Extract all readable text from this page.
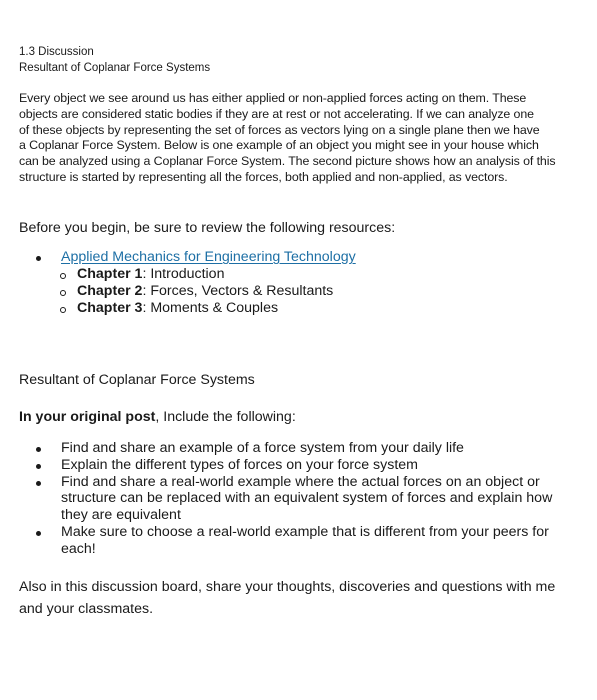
1.3 Discussion
Resultant of Coplanar Force Systems
Every object we see around us has either applied or non-applied forces acting on them. These
objects are considered static bodies if they are at rest or not accelerating. If we can analyze one
of these objects by representing the set of forces as vectors lying on a single plane then we have
a Coplanar Force System. Below is one example of an object you might see in your house which
can be analyzed using a Coplanar Force System. The second picture shows how an analysis of this
structure is started by representing all the forces, both applied and non-applied, as vectors.
Before you begin, be sure to review the following resources:
Applied Mechanics for Engineering Technology
Chapter 1: Introduction
Chapter 2: Forces, Vectors & Resultants
Chapter 3: Moments & Couples
Resultant of Coplanar Force Systems
In your original post, Include the following:
Find and share an example of a force system from your daily life
Explain the different types of forces on your force system
Find and share a real-world example where the actual forces on an object or
structure can be replaced with an equivalent system of forces and explain how
they are equivalent
Make sure to choose a real-world example that is different from your peers for
each!
Also in this discussion board, share your thoughts, discoveries and questions with me
and your classmates.
